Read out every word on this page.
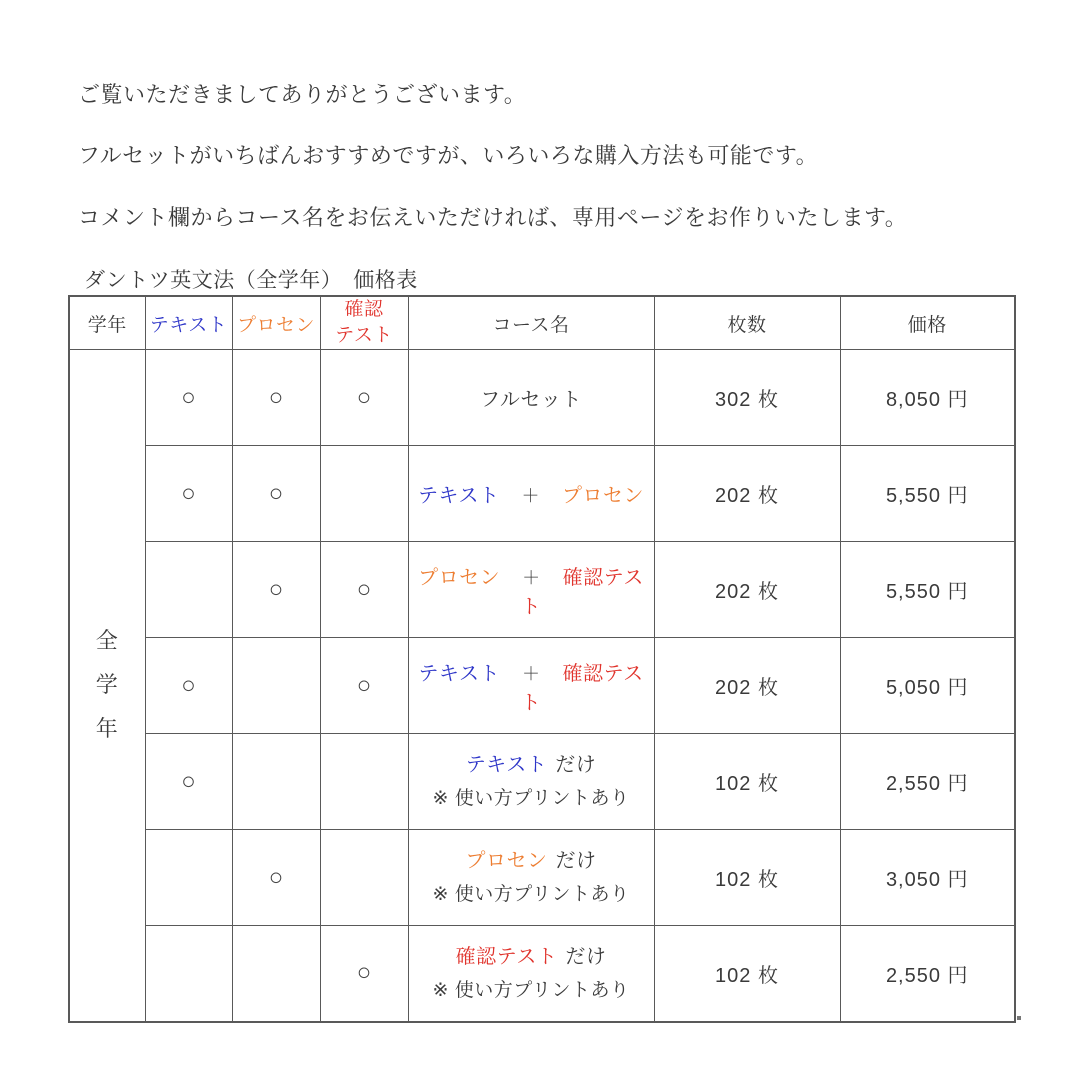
ご覧いただきましてありがとうございます。

フルセットがいちばんおすすめですが、いろいろな購入方法も可能です。

コメント欄からコース名をお伝えいただければ、専用ページをお作りいたします。

ダントツ英文法（全学年）　価格表

学年	テキスト	プロセン	確認
テスト	コース名	枚数	価格

全
学
年	○	○	○	フルセット	302 枚	8,050 円
	○	○		テキスト ＋ プロセン	202 枚	5,550 円
		○	○	プロセン ＋ 確認テスト	202 枚	5,550 円
	○		○	テキスト ＋ 確認テスト	202 枚	5,050 円
	○			テキスト だけ
※ 使い方プリントあり	102 枚	2,550 円
		○		プロセン だけ
※ 使い方プリントあり	102 枚	3,050 円
			○	確認テスト だけ
※ 使い方プリントあり	102 枚	2,550 円
